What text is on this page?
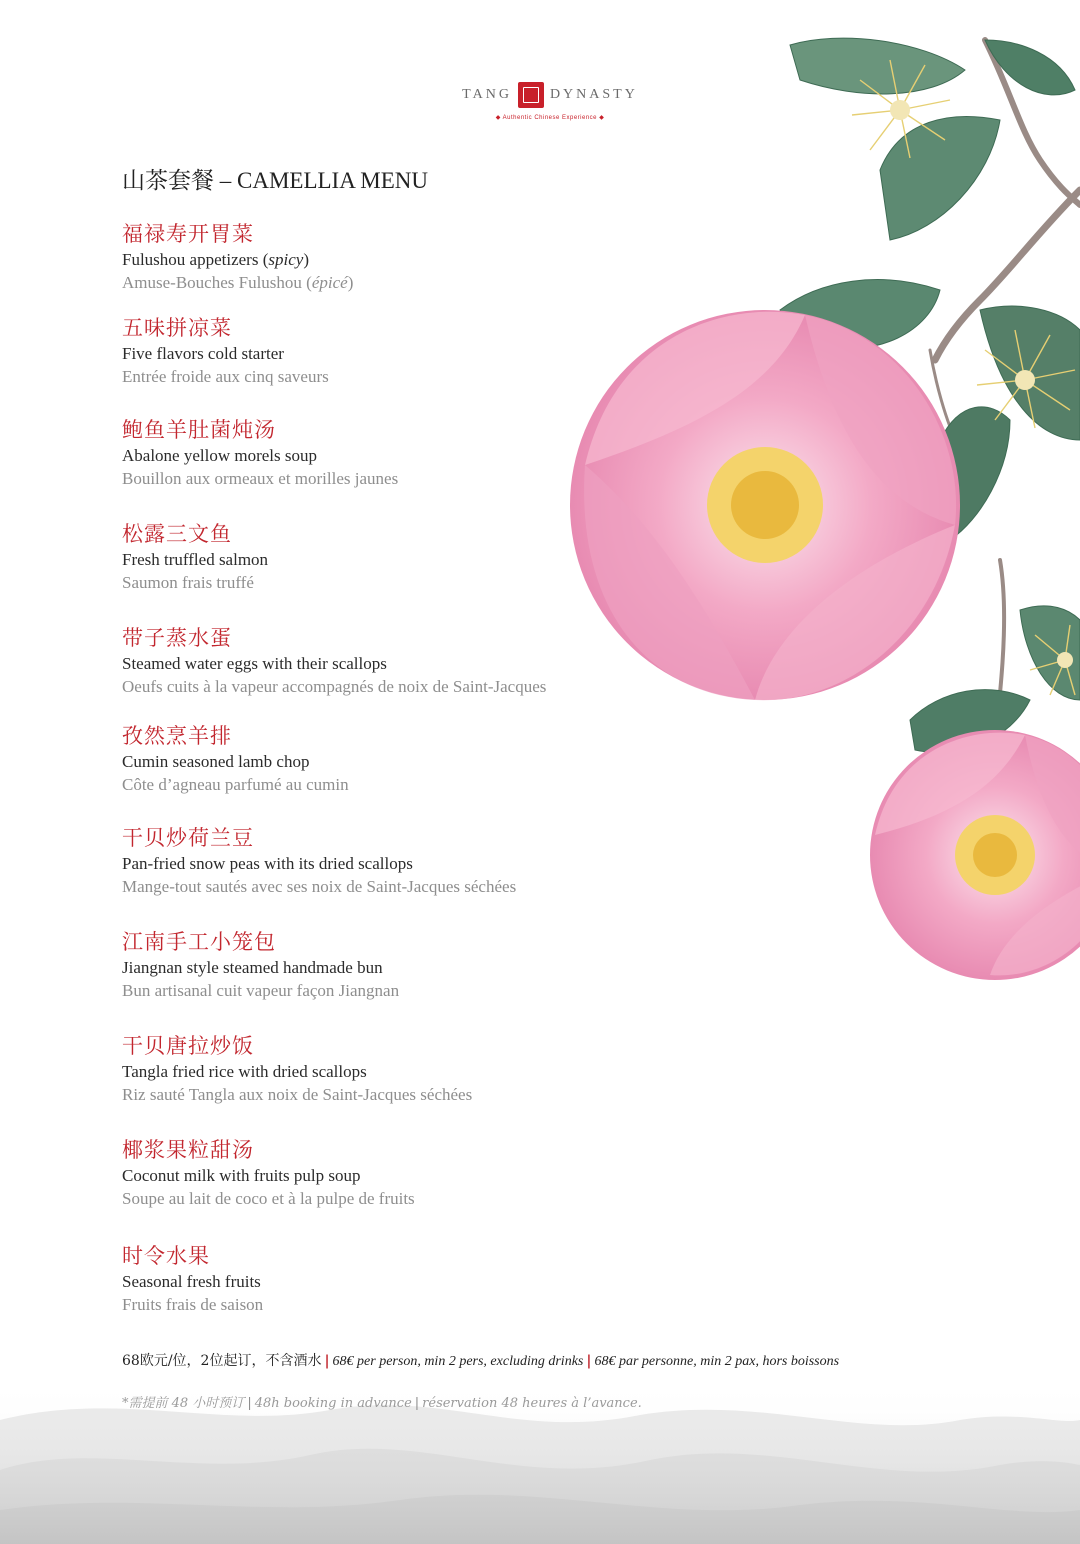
TANG	DYNASTY
◆ Authentic Chinese Experience ◆
山茶套餐 – CAMELLIA MENU
福禄寿开胃菜
Fulushou appetizers (spicy)
Amuse-Bouches Fulushou (épicé)
五味拼凉菜
Five flavors cold starter
Entrée froide aux cinq saveurs
鲍鱼羊肚菌炖汤
Abalone yellow morels soup
Bouillon aux ormeaux et morilles jaunes
松露三文鱼
Fresh truffled salmon
Saumon frais truffé
带子蒸水蛋
Steamed water eggs with their scallops
Oeufs cuits à la vapeur accompagnés de noix de Saint-Jacques
孜然烹羊排
Cumin seasoned lamb chop
Côte d’agneau parfumé au cumin
干贝炒荷兰豆
Pan-fried snow peas with its dried scallops
Mange-tout sautés avec ses noix de Saint-Jacques séchées
江南手工小笼包
Jiangnan style steamed handmade bun
Bun artisanal cuit vapeur façon Jiangnan
干贝唐拉炒饭
Tangla fried rice with dried scallops
Riz sauté Tangla aux noix de Saint-Jacques séchées
椰浆果粒甜汤
Coconut milk with fruits pulp soup
Soupe au lait de coco et à la pulpe de fruits
时令水果
Seasonal fresh fruits
Fruits frais de saison
68欧元/位，2位起订，不含酒水 | 68€ per person, min 2 pers, excluding drinks | 68€ par personne, min 2 pax, hors boissons
*需提前 48 小时预订 | 48h booking in advance | réservation 48 heures à l’avance.
